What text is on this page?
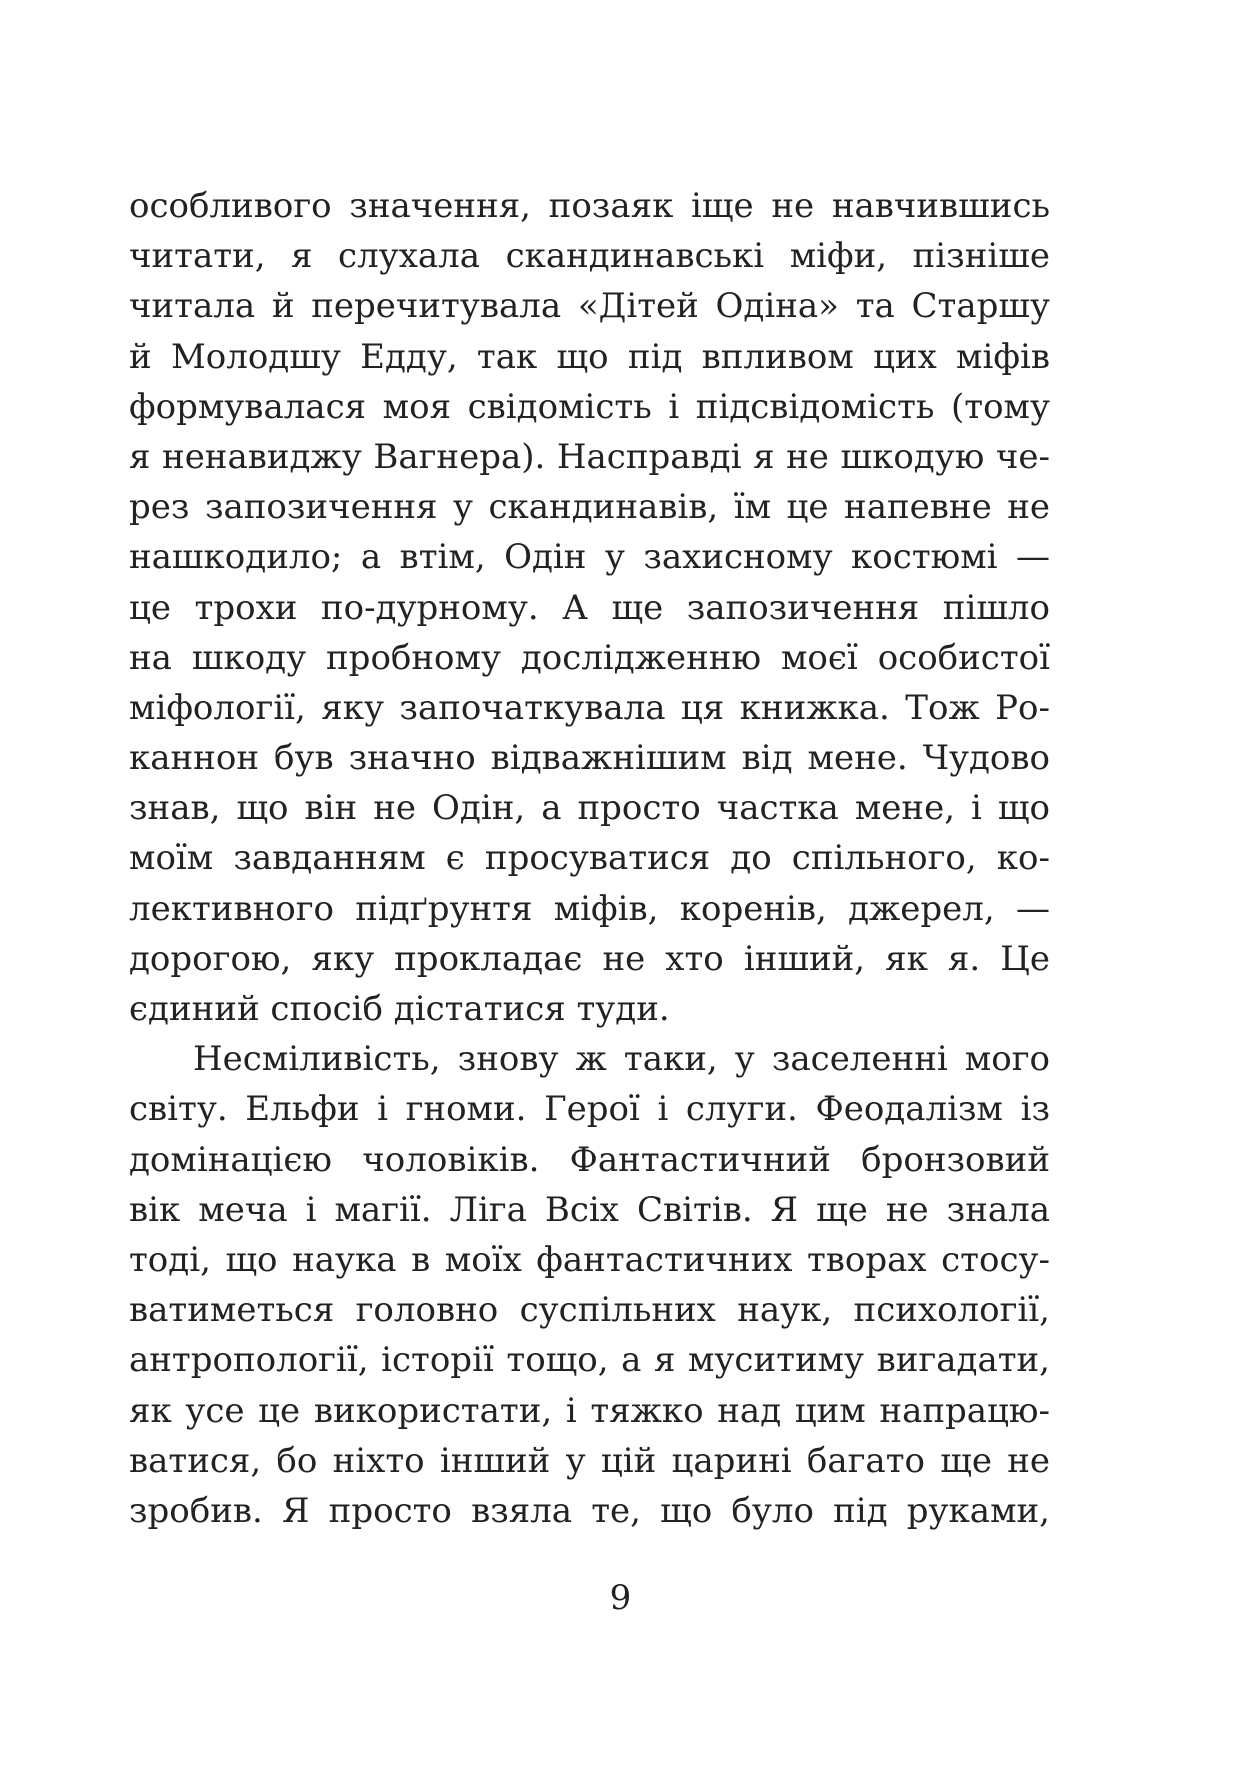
особливого значення, позаяк іще не навчившись
читати, я слухала скандинавські міфи, пізніше
читала й перечитувала «Дітей Одіна» та Старшу
й Молодшу Едду, так що під впливом цих міфів
формувалася моя свідомість і підсвідомість (тому
я ненавиджу Вагнера). Насправді я не шкодую че-
рез запозичення у скандинавів, їм це напевне не
нашкодило; а втім, Одін у захисному костюмі —
це трохи по-дурному. А ще запозичення пішло
на шкоду пробному дослідженню моєї особистої
міфології, яку започаткувала ця книжка. Тож Ро-
каннон був значно відважнішим від мене. Чудово
знав, що він не Одін, а просто частка мене, і що
моїм завданням є просуватися до спільного, ко-
лективного підґрунтя міфів, коренів, джерел, —
дорогою, яку прокладає не хто інший, як я. Це
єдиний спосіб дістатися туди.
Несміливість, знову ж таки, у заселенні мого
світу. Ельфи і гноми. Герої і слуги. Феодалізм із
домінацією чоловіків. Фантастичний бронзовий
вік меча і магії. Ліга Всіх Світів. Я ще не знала
тоді, що наука в моїх фантастичних творах стосу-
ватиметься головно суспільних наук, психології,
антропології, історії тощо, а я муситиму вигадати,
як усе це використати, і тяжко над цим напрацю-
ватися, бо ніхто інший у цій царині багато ще не
зробив. Я просто взяла те, що було під руками,
9
